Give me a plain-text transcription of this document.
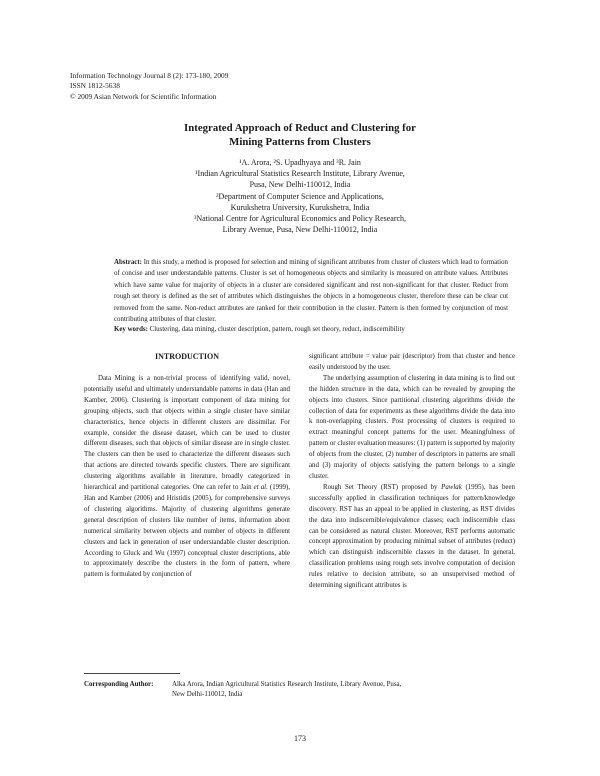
Information Technology Journal 8 (2): 173-180, 2009
ISSN 1812-5638
© 2009 Asian Network for Scientific Information
Integrated Approach of Reduct and Clustering for
Mining Patterns from Clusters
¹A. Arora, ²S. Upadhyaya and ³R. Jain
¹Indian Agricultural Statistics Research Institute, Library Avenue,
Pusa, New Delhi-110012, India
²Department of Computer Science and Applications,
Kurukshetra University, Kurukshetra, India
³National Centre for Agricultural Economics and Policy Research,
Library Avenue, Pusa, New Delhi-110012, India
Abstract: In this study, a method is proposed for selection and mining of significant attributes from cluster of clusters which lead to formation of concise and user understandable patterns. Cluster is set of homogeneous objects and similarity is measured on attribute values. Attributes which have same value for majority of objects in a cluster are considered significant and rest non-significant for that cluster. Reduct from rough set theory is defined as the set of attributes which distinguishes the objects in a homogeneous cluster, therefore these can be clear cut removed from the same. Non-reduct attributes are ranked for their contribution in the cluster. Pattern is then formed by conjunction of most contributing attributes of that cluster.
Key words: Clustering, data mining, cluster description, pattern, rough set theory, reduct, indiscernibility

INTRODUCTION

Data Mining is a non-trivial process of identifying valid, novel, potentially useful and ultimately understandable patterns in data (Han and Kamber, 2006). Clustering is important component of data mining for grouping objects, such that objects within a single cluster have similar characteristics, hence objects in different clusters are dissimilar. For example, consider the disease dataset, which can be used to cluster different diseases, such that objects of similar disease are in single cluster. The clusters can then be used to characterize the different diseases such that actions are directed towards specific clusters. There are significant clustering algorithms available in literature, broadly categorized in hierarchical and partitional categories. One can refer to Jain et al. (1999), Han and Kamber (2006) and Hristidis (2005), for comprehensive surveys of clustering algorithms. Majority of clustering algorithms generate general description of clusters like number of items, information about numerical similarity between objects and number of objects in different clusters and lack in generation of user understandable cluster description. According to Gluck and Wu (1997) conceptual cluster descriptions, able to approximately describe the clusters in the form of pattern, where pattern is formulated by conjunction of

significant attribute = value pair (descriptor) from that cluster and hence easily understood by the user.

The underlying assumption of clustering in data mining is to find out the hidden structure in the data, which can be revealed by grouping the objects into clusters. Since partitional clustering algorithms divide the collection of data for experiments as these algorithms divide the data into k non-overlapping clusters. Post processing of clusters is required to extract meaningful concept patterns for the user. Meaningfulness of pattern or cluster evaluation measures: (1) pattern is supported by majority of objects from the cluster, (2) number of descriptors in patterns are small and (3) majority of objects satisfying the pattern belongs to a single cluster.

Rough Set Theory (RST) proposed by Pawlak (1995), has been successfully applied in classification techniques for pattern/knowledge discovery. RST has an appeal to be applied in clustering, as RST divides the data into indiscernible/equivalence classes; each indiscernible class can be considered as natural cluster. Moreover, RST performs automatic concept approximation by producing minimal subset of attributes (reduct) which can distinguish indiscernible classes in the dataset. In general, classification problems using rough sets involve computation of decision rules relative to decision attribute, so an unsupervised method of determining significant attributes is

Corresponding Author:	Alka Arora, Indian Agricultural Statistics Research Institute, Library Avenue, Pusa,
New Delhi-110012, India
173
